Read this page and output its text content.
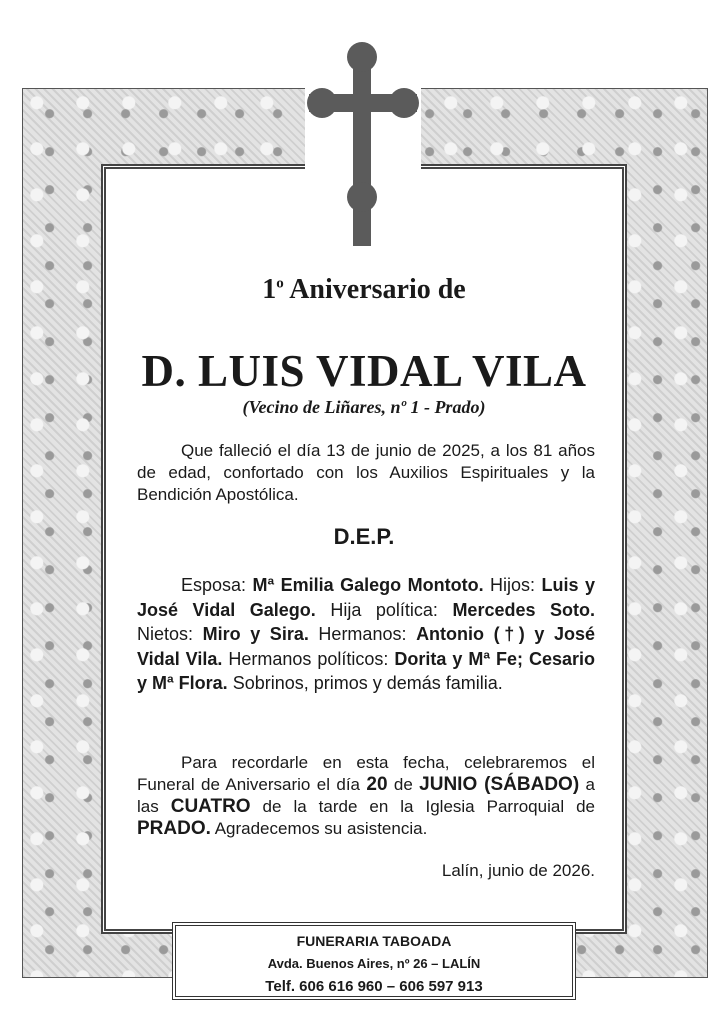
1$^o$ Aniversario de
D. LUIS VIDAL VILA
(Vecino de Liñares, nº 1 - Prado)
Que falleció el día 13 de junio de 2025, a los 81 años de edad, confortado con los Auxilios Espirituales y la Bendición Apostólica.
D.E.P.
Esposa: Mª Emilia Galego Montoto. Hijos: Luis y José Vidal Galego. Hija política: Mercedes Soto. Nietos: Miro y Sira. Hermanos: Antonio (†) y José Vidal Vila. Hermanos políticos: Dorita y Mª Fe; Cesario y Mª Flora. Sobrinos, primos y demás familia.
Para recordarle en esta fecha, celebraremos el Funeral de Aniversario el día 20 de JUNIO (SÁBADO) a las CUATRO de la tarde en la Iglesia Parroquial de PRADO. Agradecemos su asistencia.
Lalín, junio de 2026.
FUNERARIA TABOADA
Avda. Buenos Aires, nº 26 – LALÍN
Telf. 606 616 960 – 606 597 913
